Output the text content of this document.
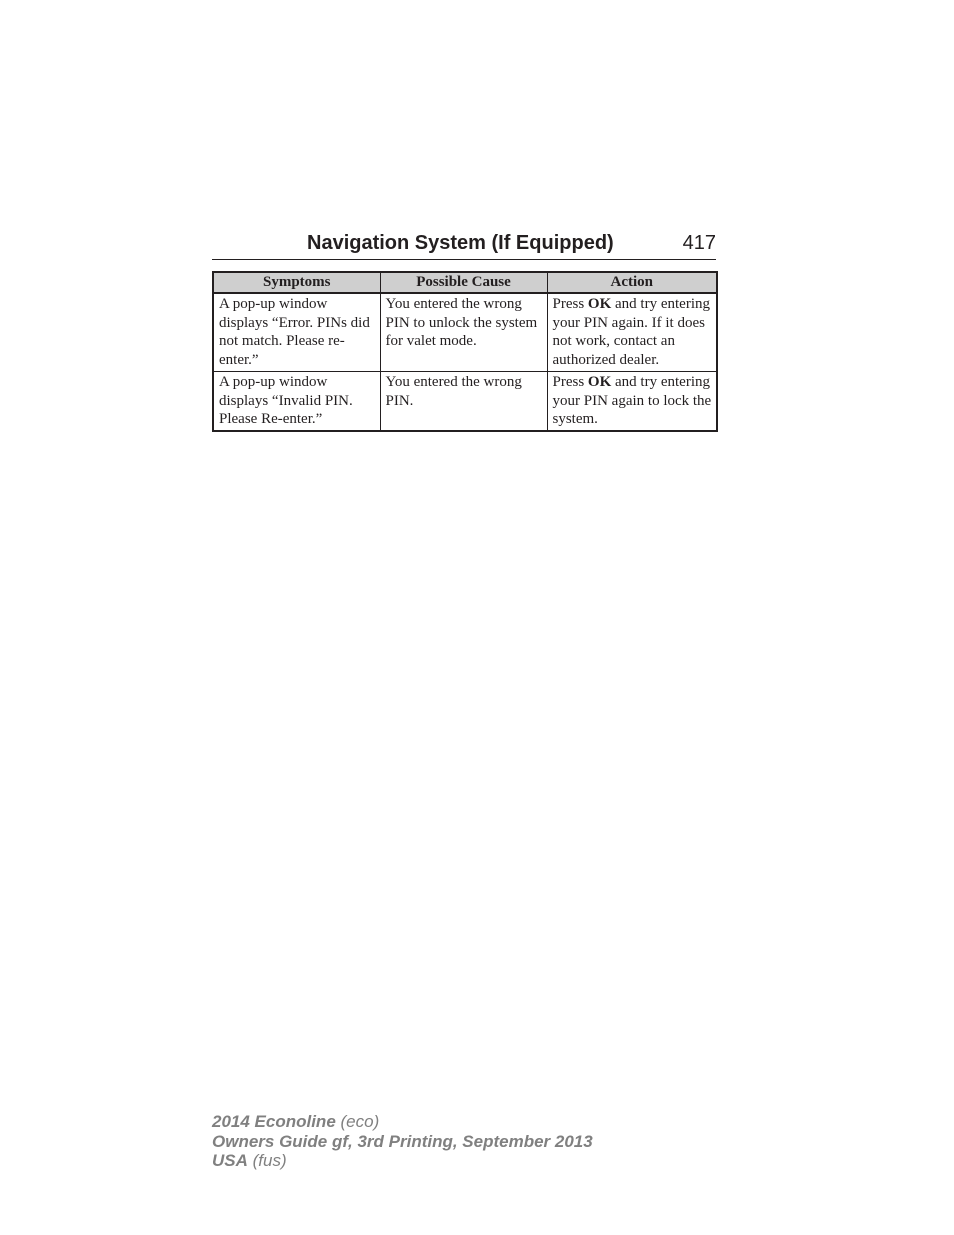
Navigation System (If Equipped)	417
Symptoms	Possible Cause	Action
A pop-up window displays “Error. PINs did not match. Please re-enter.”	You entered the wrong PIN to unlock the system for valet mode.	Press OK and try entering your PIN again. If it does not work, contact an authorized dealer.
A pop-up window displays “Invalid PIN. Please Re-enter.”	You entered the wrong PIN.	Press OK and try entering your PIN again to lock the system.
2014 Econoline (eco)
Owners Guide gf, 3rd Printing, September 2013
USA (fus)
